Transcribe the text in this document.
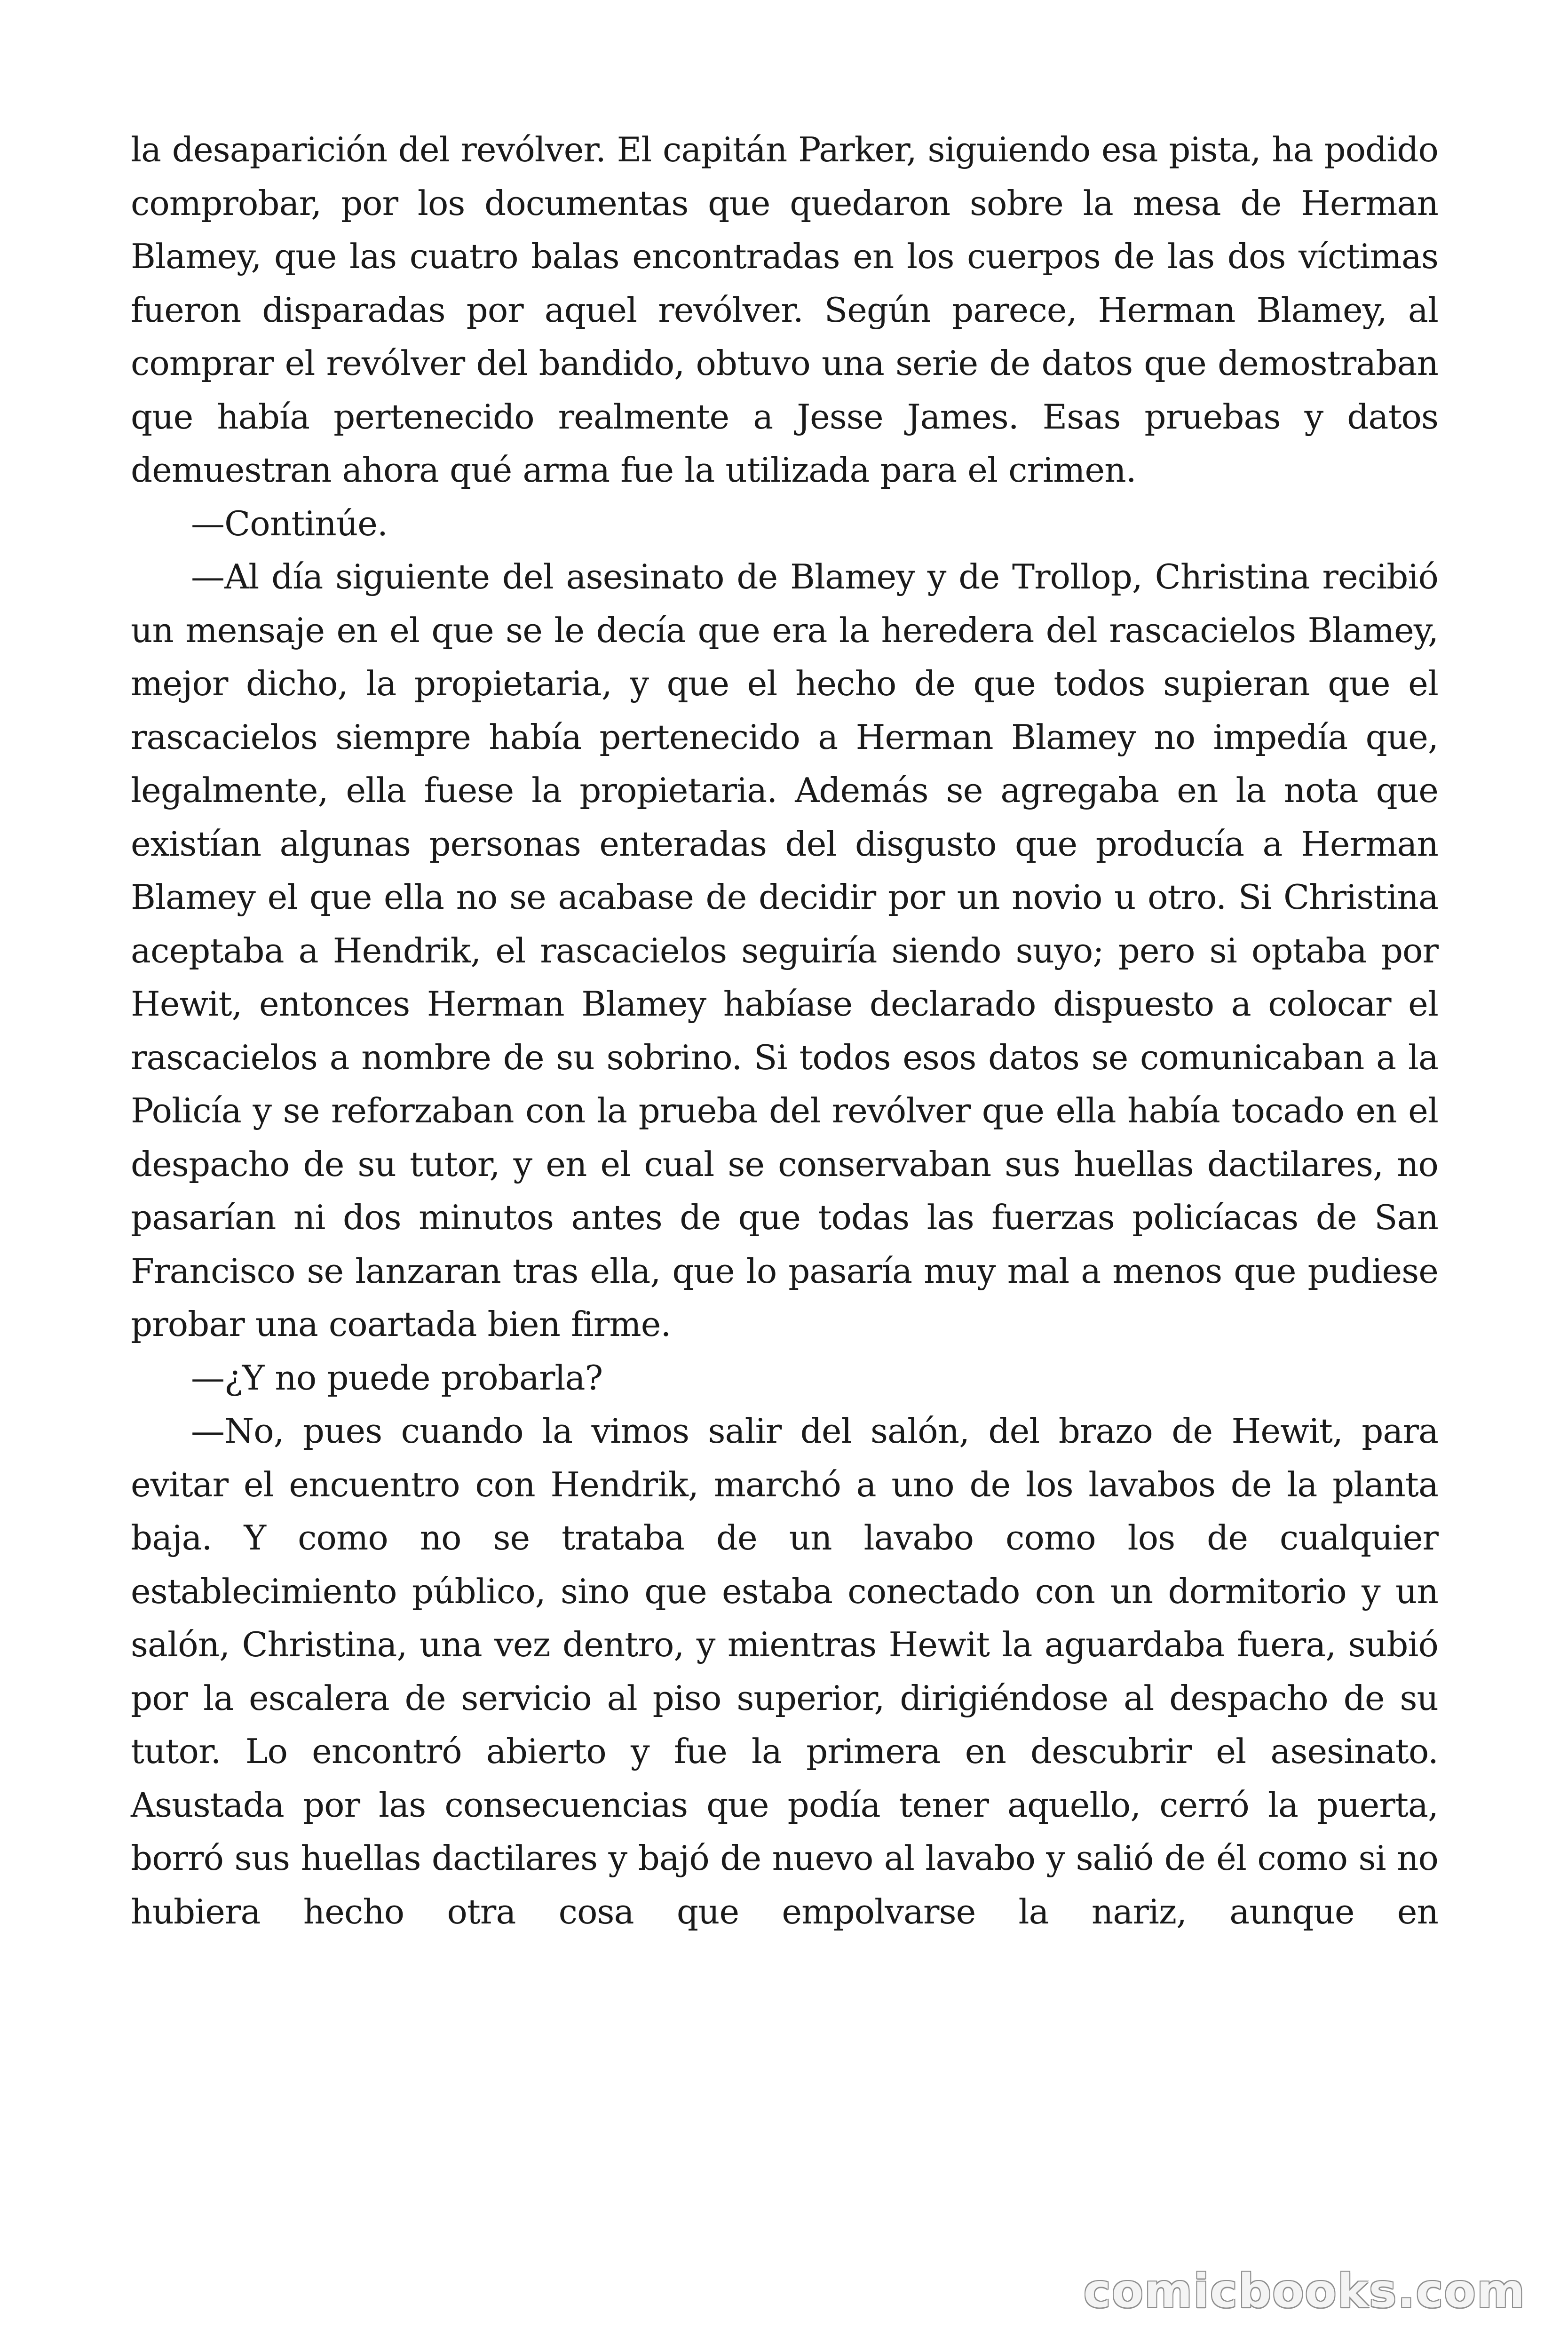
la desaparición del revólver. El capitán Parker, siguiendo esa pista, ha podido comprobar, por los documentas que quedaron sobre la mesa de Herman Blamey, que las cuatro balas encontradas en los cuerpos de las dos víctimas fueron disparadas por aquel revólver. Según parece, Herman Blamey, al comprar el revólver del bandido, obtuvo una serie de datos que demostraban que había pertenecido realmente a Jesse James. Esas pruebas y datos demuestran ahora qué arma fue la utilizada para el crimen.

—Continúe.

—Al día siguiente del asesinato de Blamey y de Trollop, Christina recibió un mensaje en el que se le decía que era la heredera del rascacielos Blamey, mejor dicho, la propietaria, y que el hecho de que todos supieran que el rascacielos siempre había pertenecido a Herman Blamey no impedía que, legalmente, ella fuese la propietaria. Además se agregaba en la nota que existían algunas personas enteradas del disgusto que producía a Herman Blamey el que ella no se acabase de decidir por un novio u otro. Si Christina aceptaba a Hendrik, el rascacielos seguiría siendo suyo; pero si optaba por Hewit, entonces Herman Blamey habíase declarado dispuesto a colocar el rascacielos a nombre de su sobrino. Si todos esos datos se comunicaban a la Policía y se reforzaban con la prueba del revólver que ella había tocado en el despacho de su tutor, y en el cual se conservaban sus huellas dactilares, no pasarían ni dos minutos antes de que todas las fuerzas policíacas de San Francisco se lanzaran tras ella, que lo pasaría muy mal a menos que pudiese probar una coartada bien firme.

—¿Y no puede probarla?

—No, pues cuando la vimos salir del salón, del brazo de Hewit, para evitar el encuentro con Hendrik, marchó a uno de los lavabos de la planta baja. Y como no se trataba de un lavabo como los de cualquier establecimiento público, sino que estaba conectado con un dormitorio y un salón, Christina, una vez dentro, y mientras Hewit la aguardaba fuera, subió por la escalera de servicio al piso superior, dirigiéndose al despacho de su tutor. Lo encontró abierto y fue la primera en descubrir el asesinato. Asustada por las consecuencias que podía tener aquello, cerró la puerta, borró sus huellas dactilares y bajó de nuevo al lavabo y salió de él como si no hubiera hecho otra cosa que empolvarse la nariz, aunque en

comicbooks.com
